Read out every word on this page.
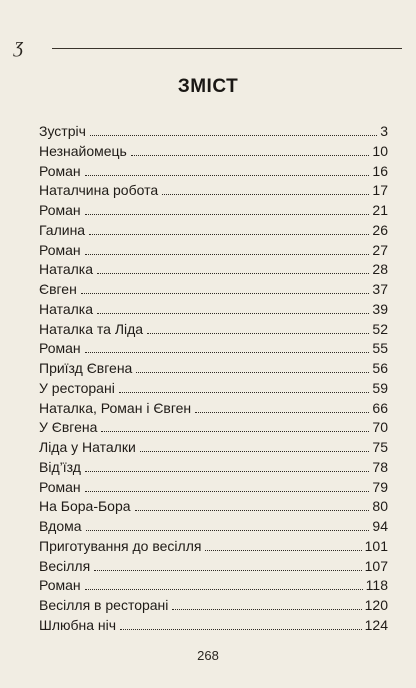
Ʒ
ЗМІСТ
Зустріч	3
Незнайомець	10
Роман	16
Наталчина робота	17
Роман	21
Галина	26
Роман	27
Наталка	28
Євген	37
Наталка	39
Наталка та Ліда	52
Роман	55
Приїзд Євгена	56
У ресторані	59
Наталка, Роман і Євген	66
У Євгена	70
Ліда у Наталки	75
Від’їзд	78
Роман	79
На Бора-Бора	80
Вдома	94
Приготування до весілля	101
Весілля	107
Роман	118
Весілля в ресторані	120
Шлюбна ніч	124
268
